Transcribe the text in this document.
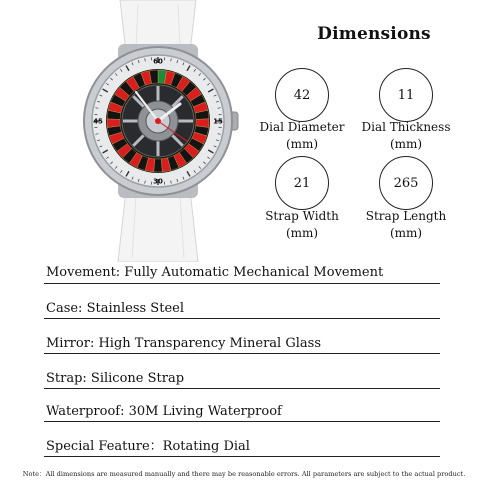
15
30
45
60
Dimensions
42
Dial Diameter
(mm)
11
Dial Thickness
(mm)
21
Strap Width
(mm)
265
Strap Length
(mm)
Movement: Fully Automatic Mechanical Movement
Case: Stainless Steel
Mirror: High Transparency Mineral Glass
Strap: Silicone Strap
Waterproof: 30M Living Waterproof
Special Feature：Rotating Dial
Note：All dimensions are measured manually and there may be reasonable errors. All parameters are subject to the actual product.
